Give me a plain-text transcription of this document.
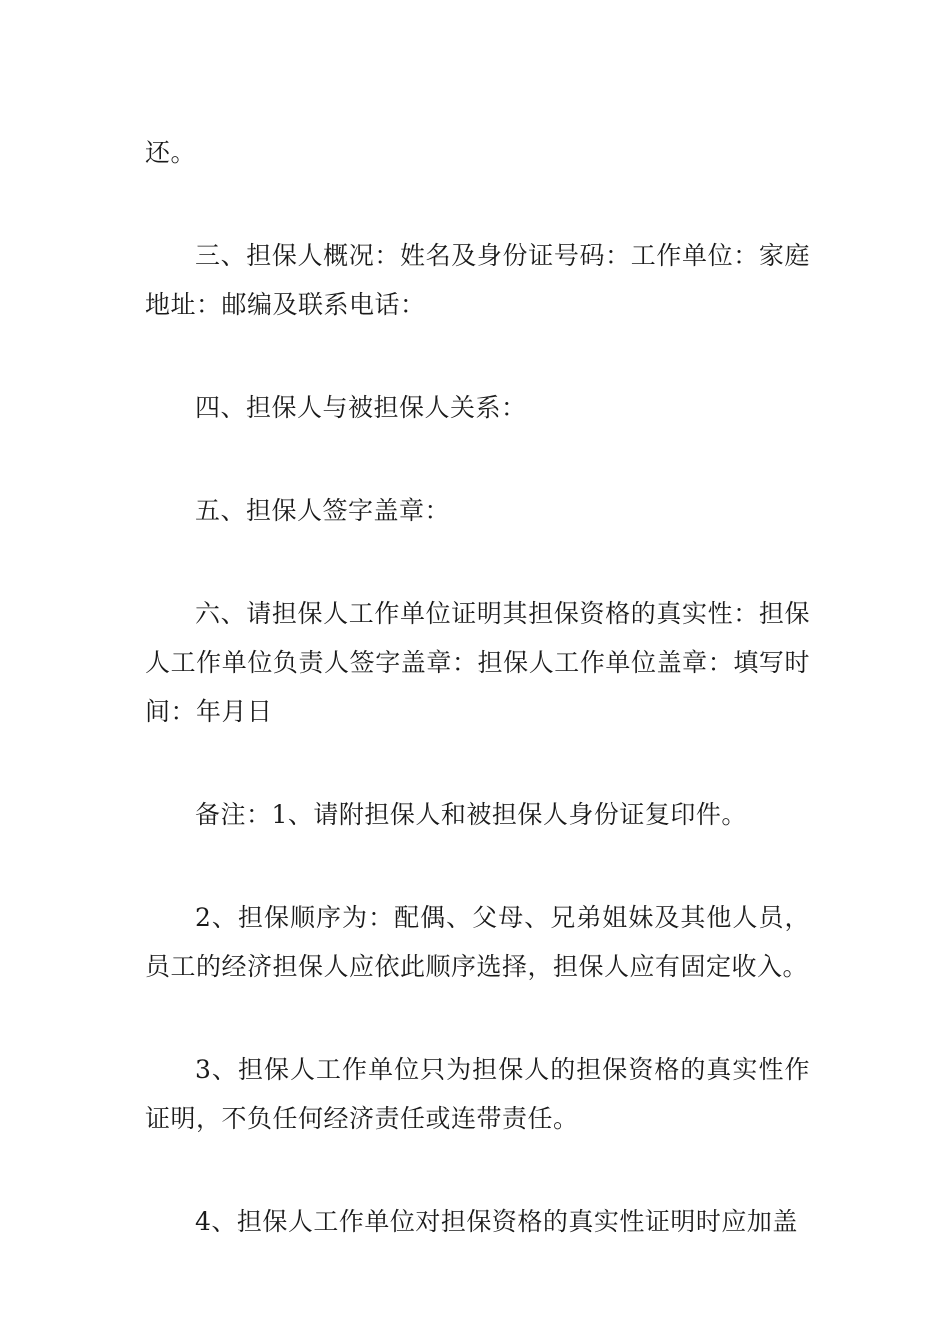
还。

三、担保人概况：姓名及身份证号码：工作单位：家庭地址：邮编及联系电话：

四、担保人与被担保人关系：

五、担保人签字盖章：

六、请担保人工作单位证明其担保资格的真实性：担保人工作单位负责人签字盖章：担保人工作单位盖章：填写时间：年月日

备注：1、请附担保人和被担保人身份证复印件。

2、担保顺序为：配偶、父母、兄弟姐妹及其他人员，员工的经济担保人应依此顺序选择，担保人应有固定收入。

3、担保人工作单位只为担保人的担保资格的真实性作证明，不负任何经济责任或连带责任。

4、担保人工作单位对担保资格的真实性证明时应加盖
